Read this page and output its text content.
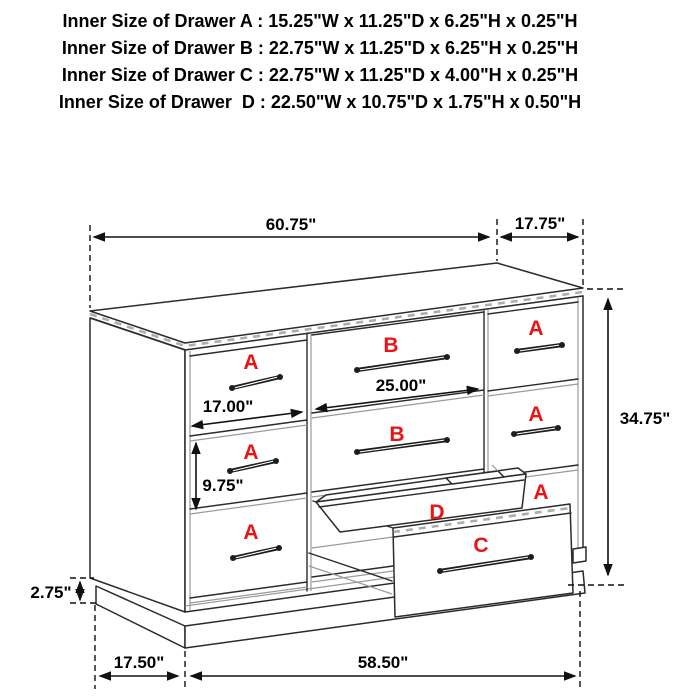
Inner Size of Drawer A : 15.25"W x 11.25"D x 6.25"H x 0.25"H
Inner Size of Drawer B : 22.75"W x 11.25"D x 6.25"H x 0.25"H
Inner Size of Drawer C : 22.75"W x 11.25"D x 4.00"H x 0.25"H
Inner Size of Drawer  D : 22.50"W x 10.75"D x 1.75"H x 0.50"H
60.75"	17.75"
34.75"
17.00"
25.00"
9.75"
2.75"
17.50"	58.50"
A
A
A
B
B
A
A
A
D
C
